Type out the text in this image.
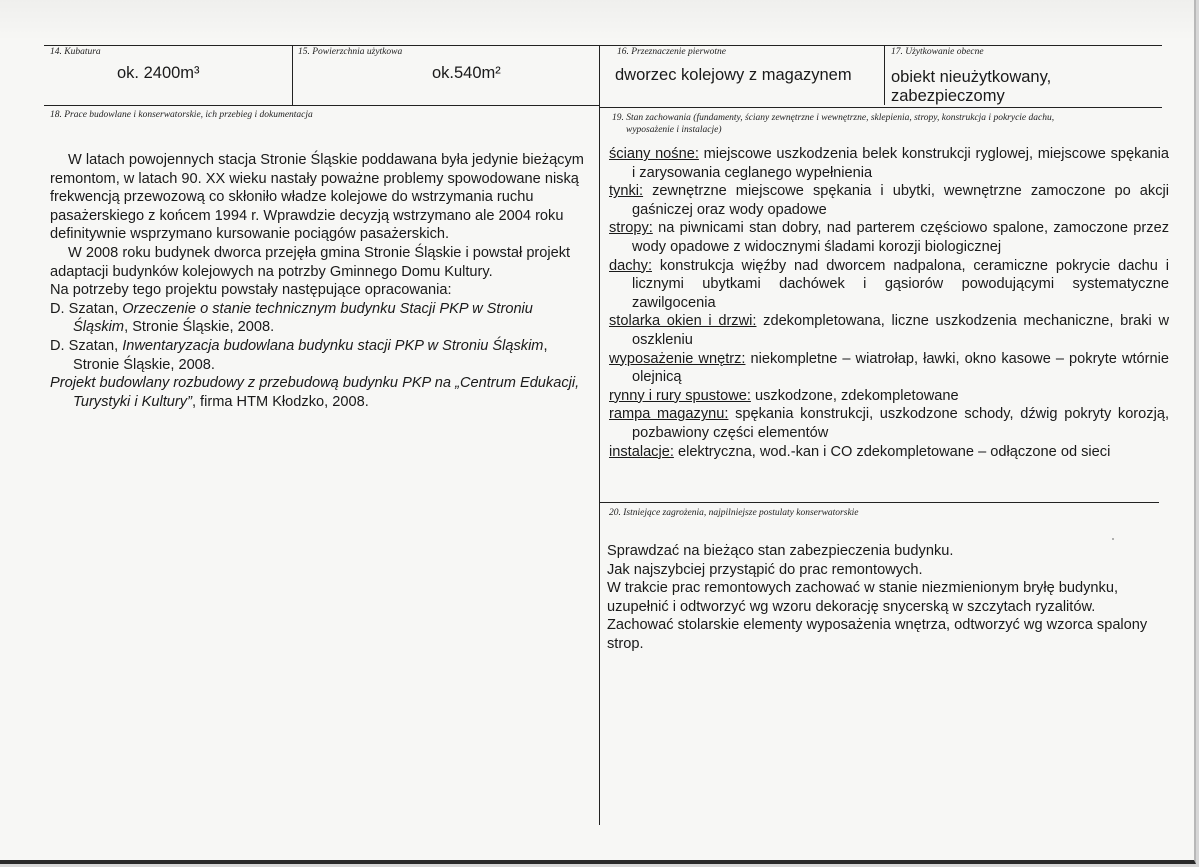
14. Kubatura
ok. 2400m³
15. Powierzchnia użytkowa
ok.540m²
16. Przeznaczenie pierwotne
dworzec kolejowy z magazynem
17. Użytkowanie obecne
obiekt nieużytkowany,
zabezpieczomy
18. Prace budowlane i konserwatorskie, ich przebieg i dokumentacja

W latach powojennych stacja Stronie Śląskie poddawana była jedynie bieżącym remontom, w latach 90. XX wieku nastały poważne problemy spowodowane niską frekwencją przewozową co skłoniło władze kolejowe do wstrzymania ruchu pasażerskiego z końcem 1994 r. Wprawdzie decyzją wstrzymano ale 2004 roku definitywnie wsprzymano kursowanie pociągów pasażerskich.

W 2008 roku budynek dworca przejęła gmina Stronie Śląskie i powstał projekt adaptacji budynków kolejowych na potrzby Gminnego Domu Kultury.

Na potrzeby tego projektu powstały następujące opracowania:

D. Szatan, Orzeczenie o stanie technicznym budynku Stacji PKP w Stroniu Śląskim, Stronie Śląskie, 2008.

D. Szatan, Inwentaryzacja budowlana budynku stacji PKP w Stroniu Śląskim, Stronie Śląskie, 2008.

Projekt budowlany rozbudowy z przebudową budynku PKP na „Centrum Edukacji, Turystyki i Kultury”, firma HTM Kłodzko, 2008.

19. Stan zachowania (fundamenty, ściany zewnętrzne i wewnętrzne, sklepienia, stropy, konstrukcja i pokrycie dachu,
wyposażenie i instalacje)
ściany nośne: miejscowe uszkodzenia belek konstrukcji ryglowej, miejscowe spękania i zarysowania ceglanego wypełnienia
tynki: zewnętrzne miejscowe spękania i ubytki, wewnętrzne zamoczone po akcji gaśniczej oraz wody opadowe
stropy: na piwnicami stan dobry, nad parterem częściowo spalone, zamoczone przez wody opadowe z widocznymi śladami korozji biologicznej
dachy: konstrukcja więźby nad dworcem nadpalona, ceramiczne pokrycie dachu i licznymi ubytkami dachówek i gąsiorów powodującymi systematyczne zawilgocenia
stolarka okien i drzwi: zdekompletowana, liczne uszkodzenia mechaniczne, braki w oszkleniu
wyposażenie wnętrz: niekompletne – wiatrołap, ławki, okno kasowe – pokryte wtórnie olejnicą
rynny i rury spustowe: uszkodzone, zdekompletowane
rampa magazynu: spękania konstrukcji, uszkodzone schody, dźwig pokryty korozją, pozbawiony części elementów
instalacje: elektryczna, wod.-kan i CO zdekompletowane – odłączone od sieci
20. Istniejące zagrożenia, najpilniejsze postulaty konserwatorskie

Sprawdzać na bieżąco stan zabezpieczenia budynku.

Jak najszybciej przystąpić do prac remontowych.

W trakcie prac remontowych zachować w stanie niezmienionym bryłę budynku, uzupełnić i odtworzyć wg wzoru dekorację snycerską w szczytach ryzalitów.

Zachować stolarskie elementy wyposażenia wnętrza, odtworzyć wg wzorca spalony strop.
